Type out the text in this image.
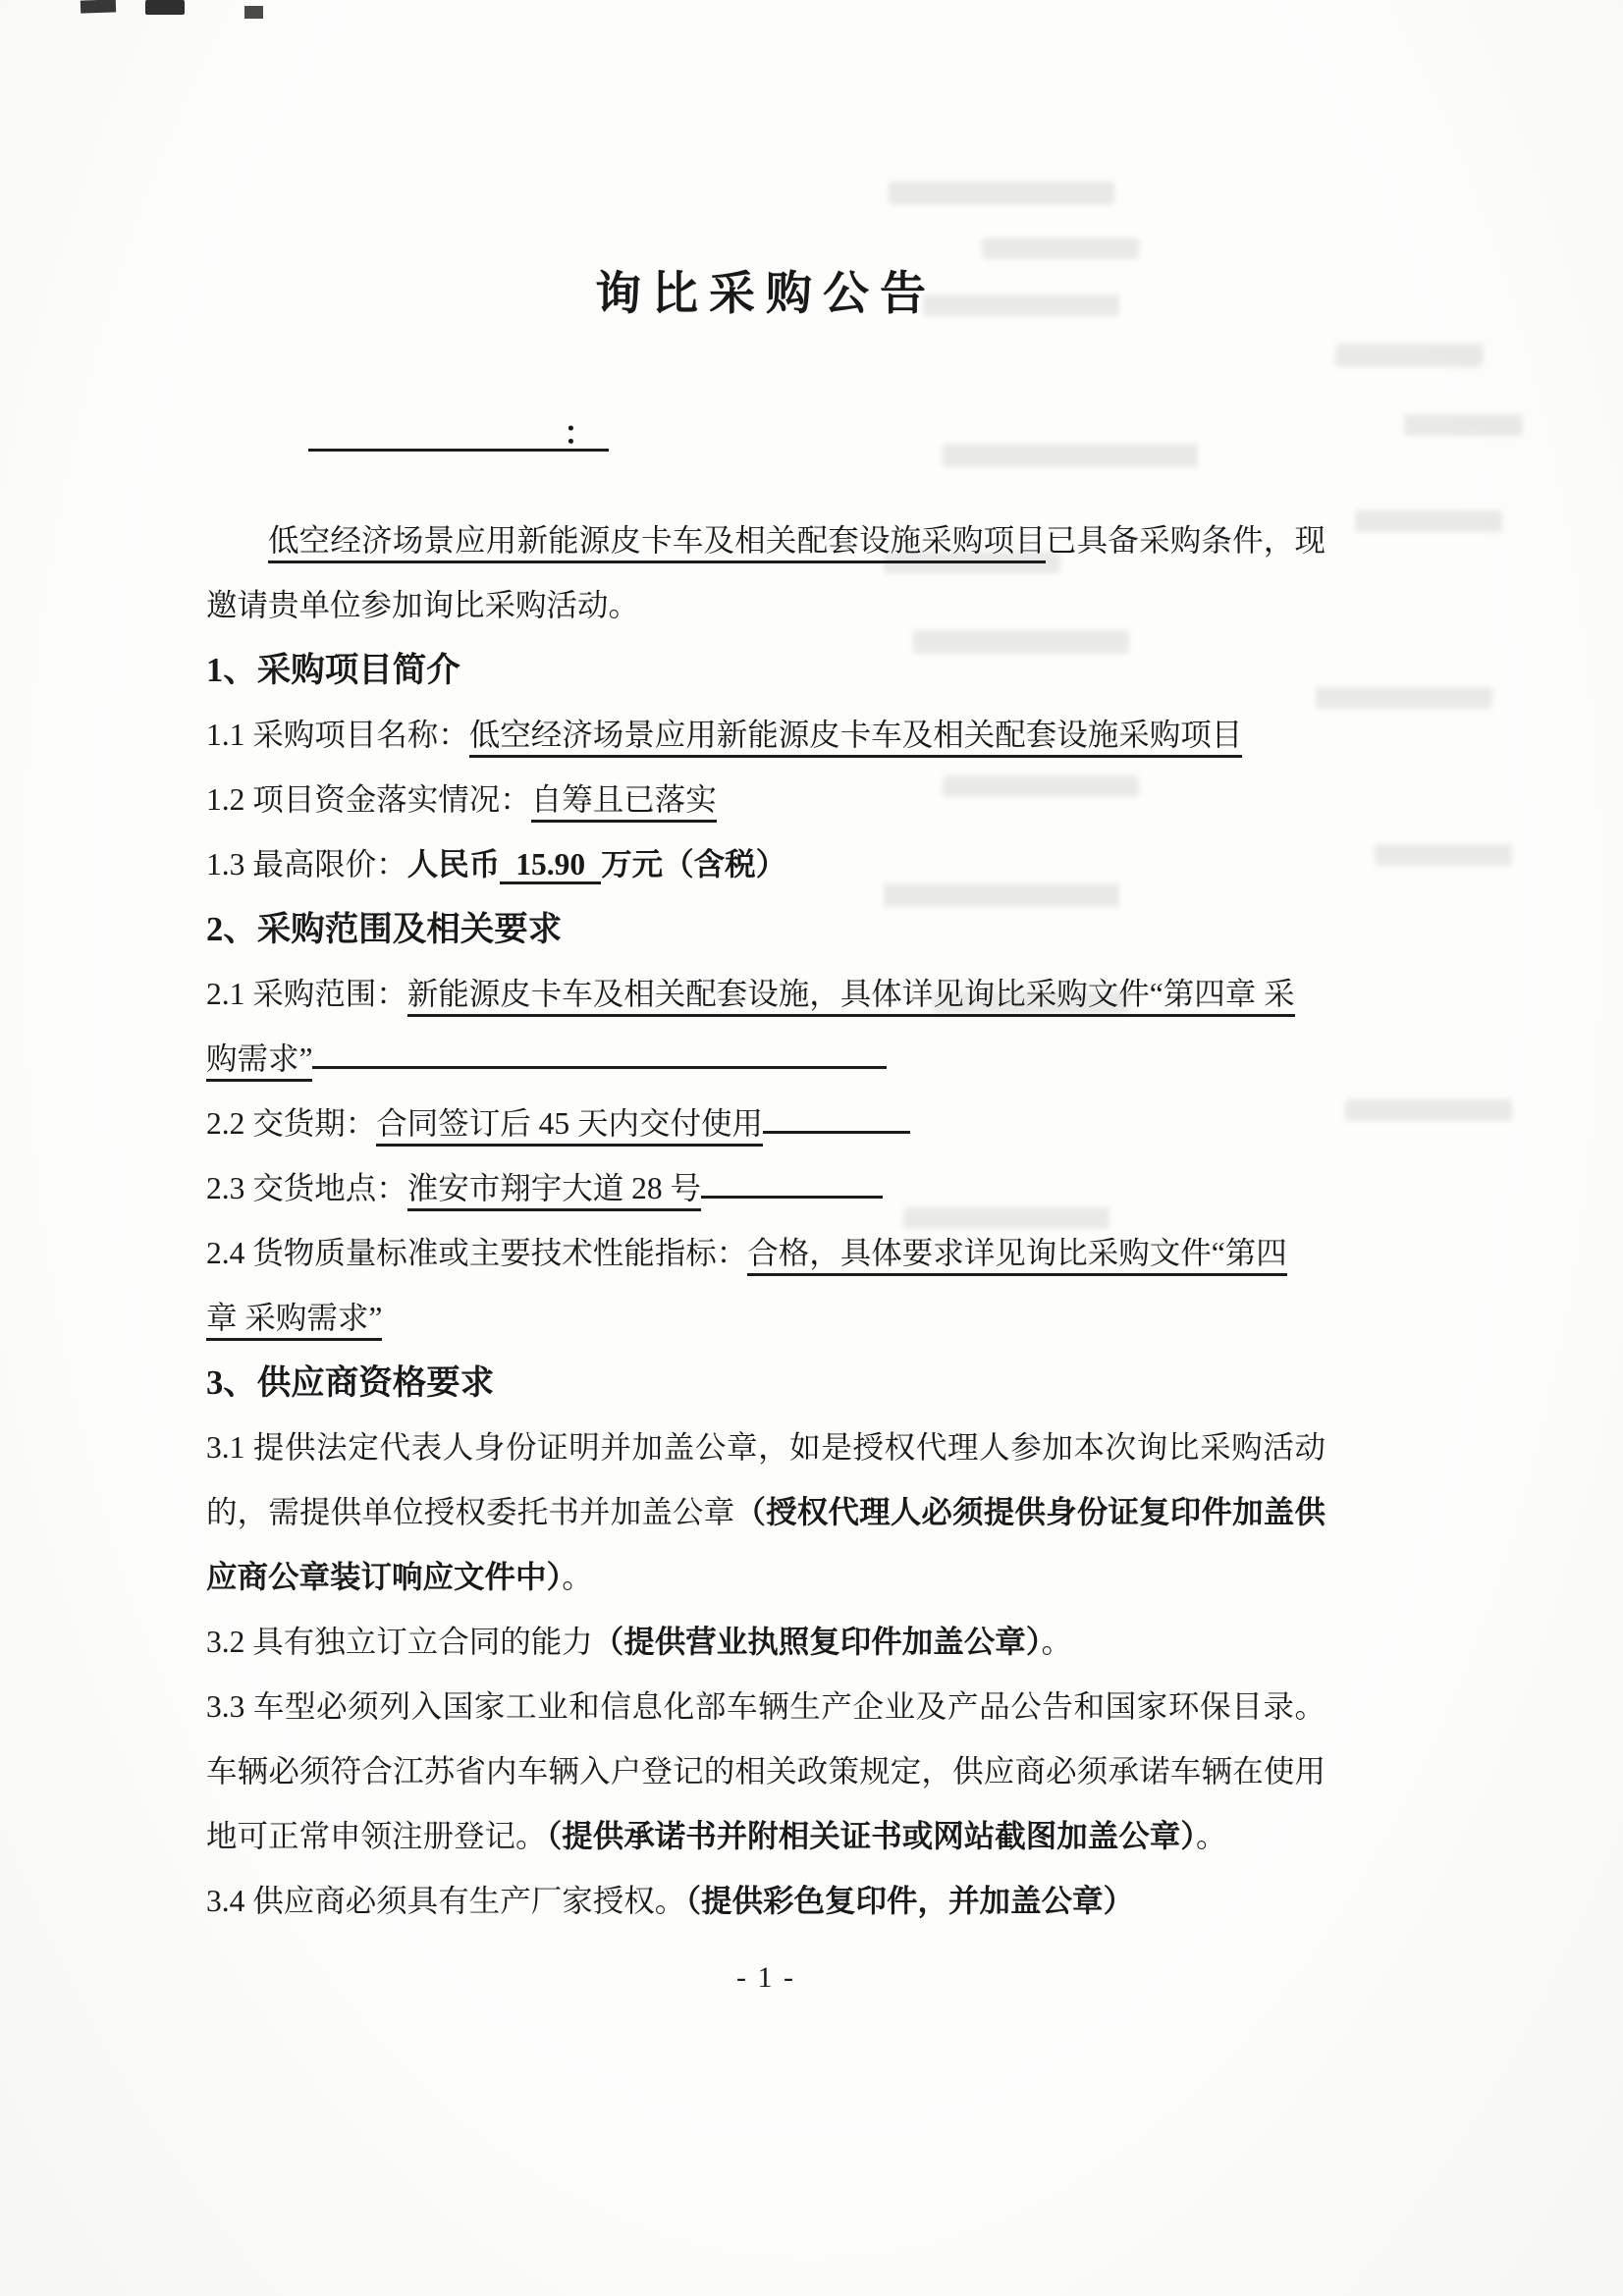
询比采购公告
：

低空经济场景应用新能源皮卡车及相关配套设施采购项目已具备采购条件，现邀请贵单位参加询比采购活动。

1、采购项目简介

1.1 采购项目名称：低空经济场景应用新能源皮卡车及相关配套设施采购项目

1.2 项目资金落实情况：自筹且已落实

1.3 最高限价：人民币 15.90 万元（含税）

2、采购范围及相关要求
2.1 采购范围：新能源皮卡车及相关配套设施，具体详见询比采购文件“第四章 采
购需求”

2.2 交货期：合同签订后 45 天内交付使用

2.3 交货地点：淮安市翔宇大道 28 号

2.4 货物质量标准或主要技术性能指标：合格，具体要求详见询比采购文件“第四
章 采购需求”
3、供应商资格要求

3.1 提供法定代表人身份证明并加盖公章，如是授权代理人参加本次询比采购活动的，需提供单位授权委托书并加盖公章（授权代理人必须提供身份证复印件加盖供应商公章装订响应文件中）。

3.2 具有独立订立合同的能力（提供营业执照复印件加盖公章）。

3.3 车型必须列入国家工业和信息化部车辆生产企业及产品公告和国家环保目录。车辆必须符合江苏省内车辆入户登记的相关政策规定，供应商必须承诺车辆在使用地可正常申领注册登记。（提供承诺书并附相关证书或网站截图加盖公章）。

3.4 供应商必须具有生产厂家授权。（提供彩色复印件，并加盖公章）

- 1 -
